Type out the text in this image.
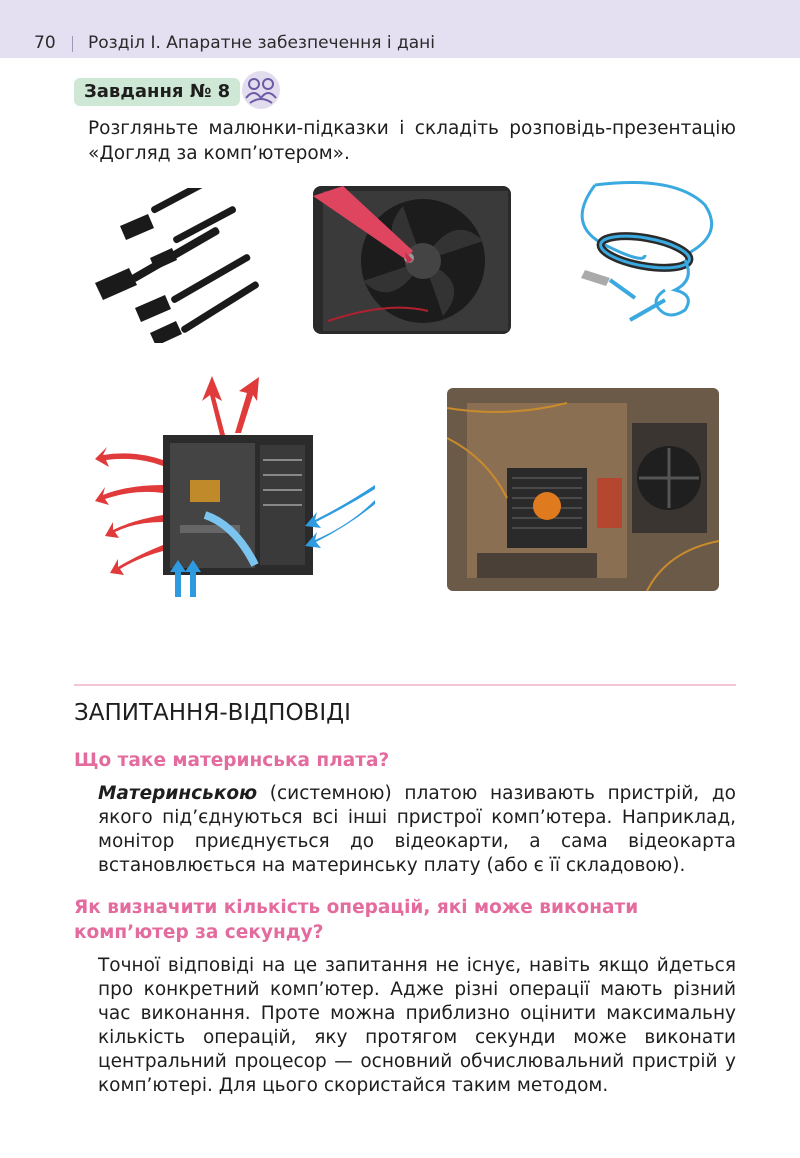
70 Розділ І. Апаратне забезпечення і дані
Завдання № 8
Розгляньте малюнки-підказки і складіть розповідь-презентацію «Догляд за комп’ютером».
ЗАПИТАННЯ-ВІДПОВІДІ
Що таке материнська плата?
Материнською (системною) платою називають пристрій, до якого під’єднуються всі інші пристрої комп’ютера. Наприклад, монітор приєднується до відеокарти, а сама відеокарта встановлюється на материнську плату (або є її складовою).
Як визначити кількість операцій, які може виконати комп’ютер за секунду?
Точної відповіді на це запитання не існує, навіть якщо йдеться про конкретний комп’ютер. Адже різні операції мають різний час виконання. Проте можна приблизно оцінити максимальну кількість операцій, яку протягом секунди може виконати центральний процесор — основний обчислювальний пристрій у комп’ютері. Для цього скористайся таким методом.
